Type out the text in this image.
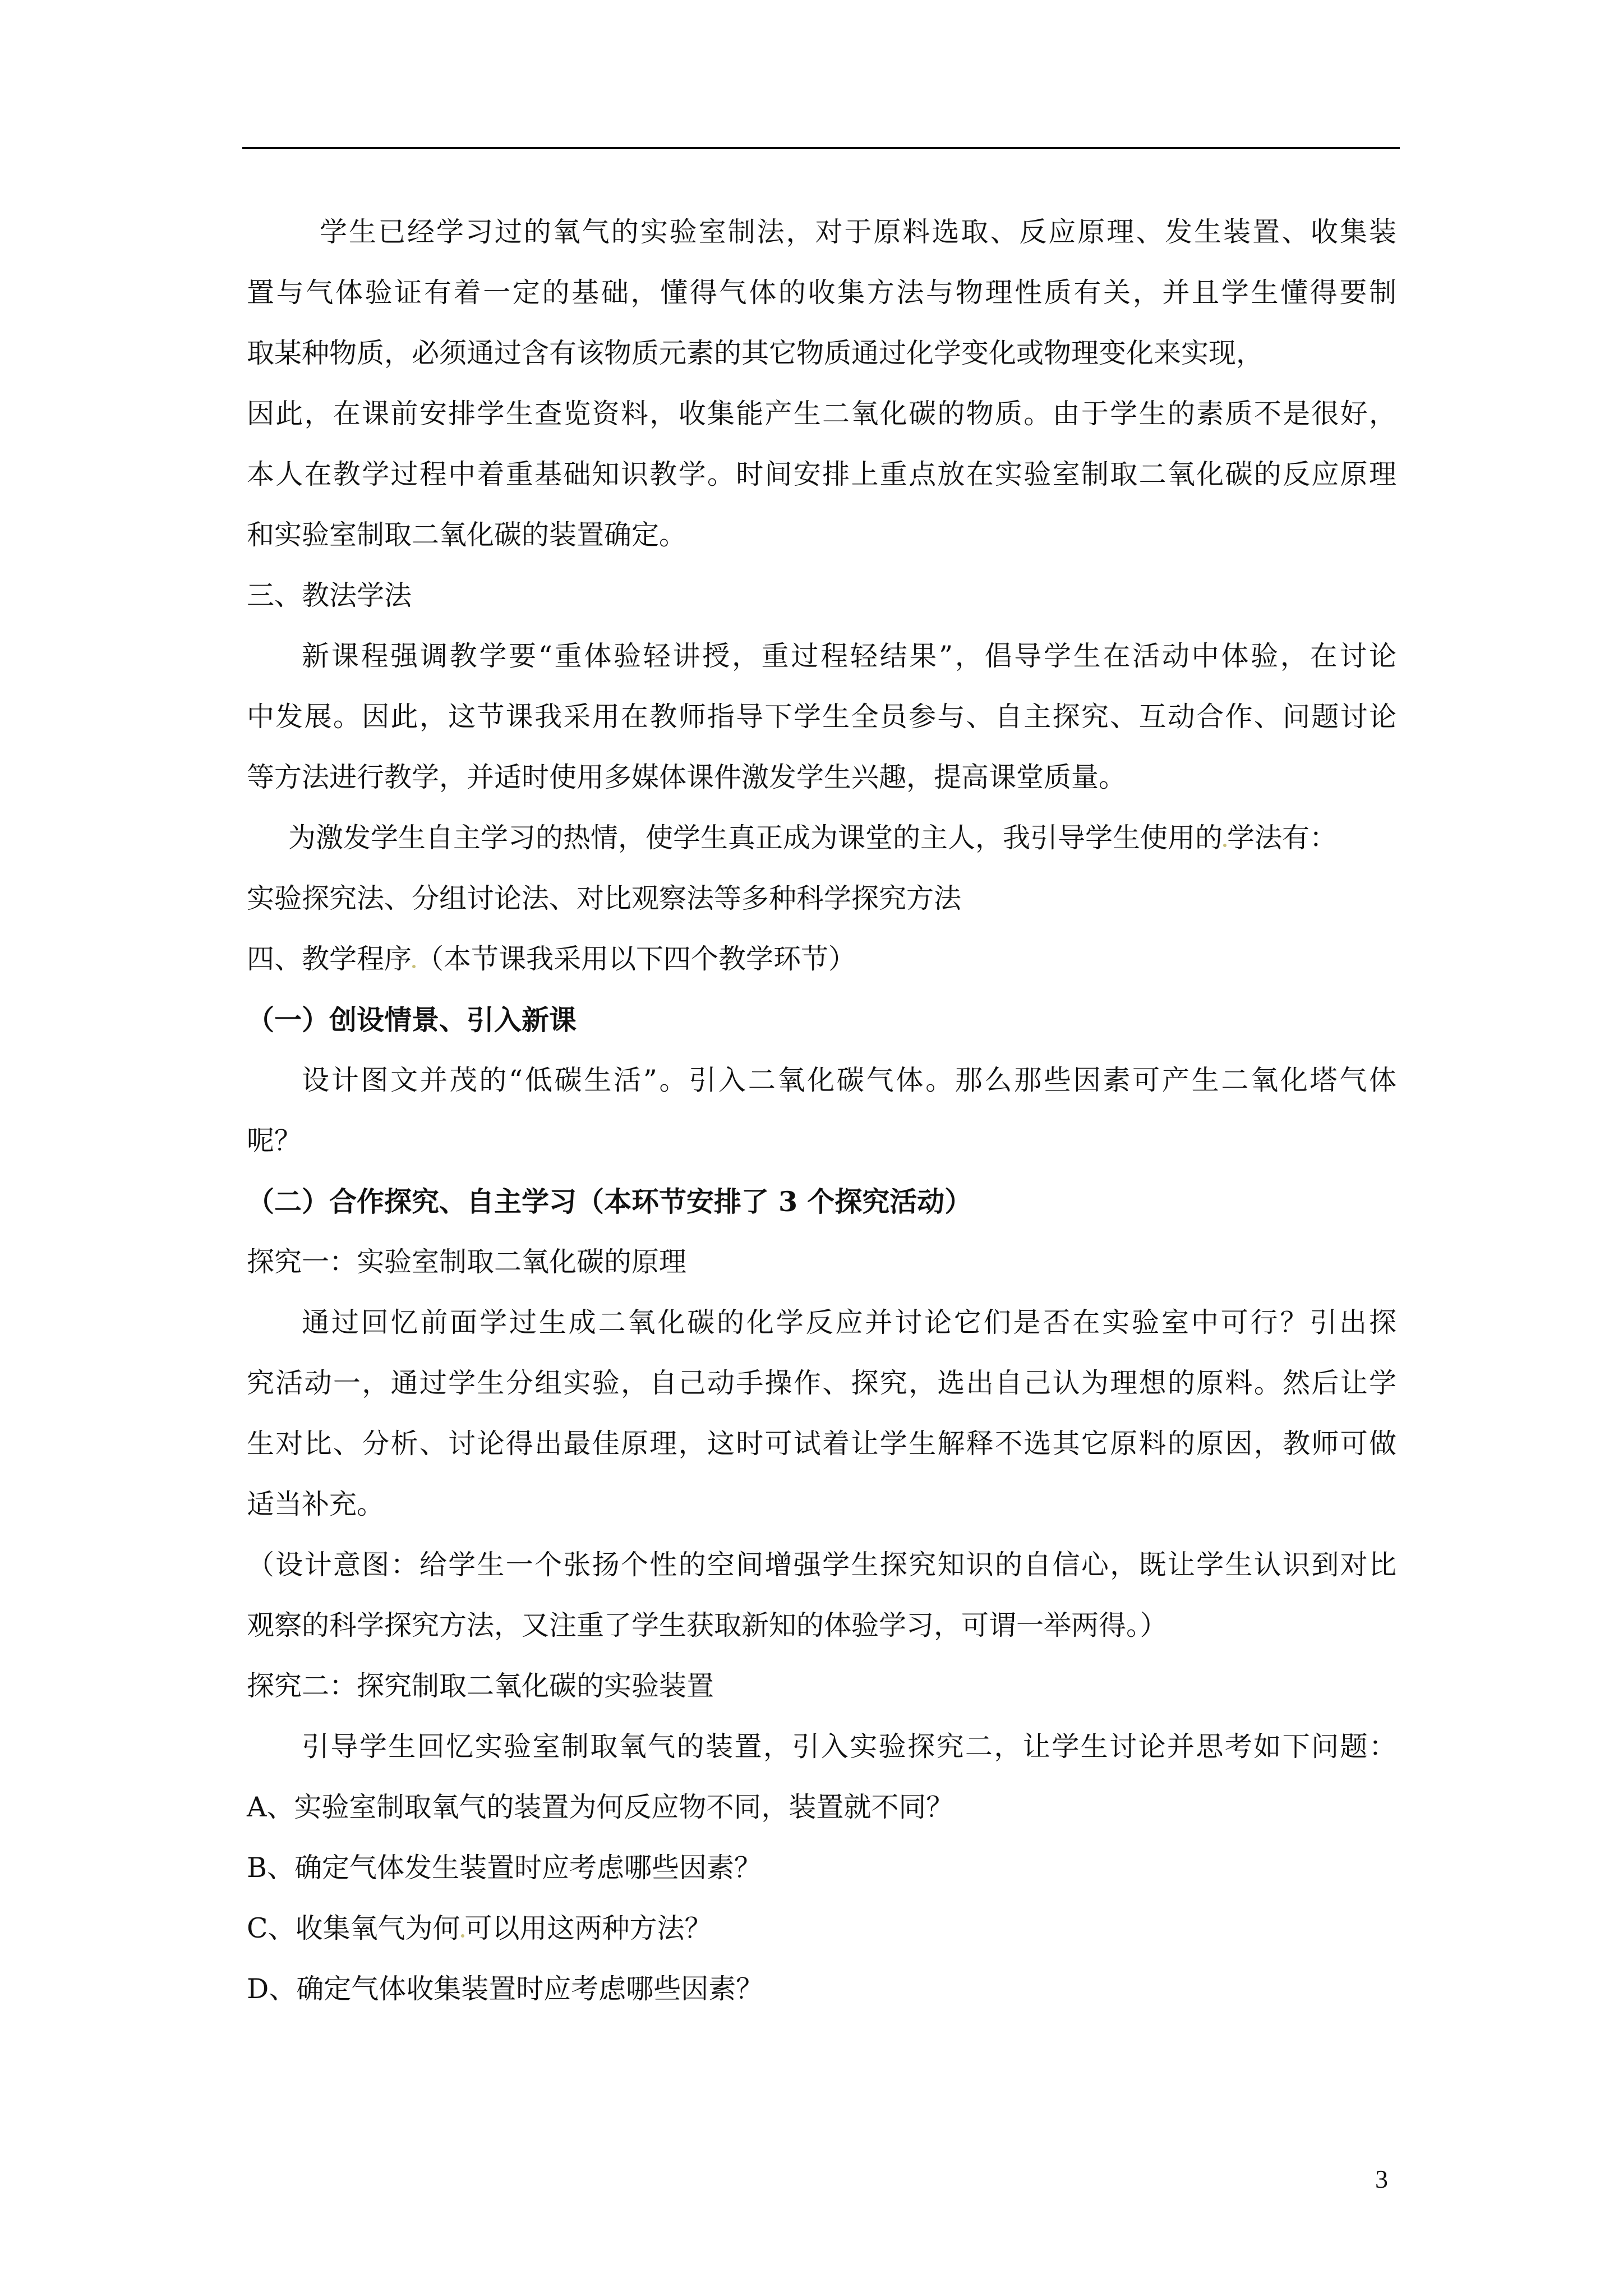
学生已经学习过的氧气的实验室制法，对于原料选取、反应原理、发生装置、收集装
置与气体验证有着一定的基础，懂得气体的收集方法与物理性质有关，并且学生懂得要制
取某种物质，必须通过含有该物质元素的其它物质通过化学变化或物理变化来实现，
因此，在课前安排学生查览资料，收集能产生二氧化碳的物质。由于学生的素质不是很好，
本人在教学过程中着重基础知识教学。时间安排上重点放在实验室制取二氧化碳的反应原理
和实验室制取二氧化碳的装置确定。
三、教法学法
新课程强调教学要“重体验轻讲授，重过程轻结果”，倡导学生在活动中体验，在讨论
中发展。因此，这节课我采用在教师指导下学生全员参与、自主探究、互动合作、问题讨论
等方法进行教学，并适时使用多媒体课件激发学生兴趣，提高课堂质量。
为激发学生自主学习的热情，使学生真正成为课堂的主人，我引导学生使用的 学法有：
实验探究法、分组讨论法、对比观察法等多种科学探究方法
四、教学程序 （本节课我采用以下四个教学环节）
（一）创设情景、引入新课
设计图文并茂的“低碳生活”。引入二氧化碳气体。那么那些因素可产生二氧化塔气体
呢？
（二）合作探究、自主学习（本环节安排了 3 个探究活动）
探究一：实验室制取二氧化碳的原理
通过回忆前面学过生成二氧化碳的化学反应并讨论它们是否在实验室中可行？引出探
究活动一，通过学生分组实验，自己动手操作、探究，选出自己认为理想的原料。然后让学
生对比、分析、讨论得出最佳原理，这时可试着让学生解释不选其它原料的原因，教师可做
适当补充。
（设计意图：给学生一个张扬个性的空间增强学生探究知识的自信心，既让学生认识到对比
观察的科学探究方法，又注重了学生获取新知的体验学习，可谓一举两得。）
探究二：探究制取二氧化碳的实验装置
引导学生回忆实验室制取氧气的装置，引入实验探究二，让学生讨论并思考如下问题：
A、实验室制取氧气的装置为何反应物不同，装置就不同？
B、确定气体发生装置时应考虑哪些因素？
C、收集氧气为何 可以用这两种方法？
D、确定气体收集装置时应考虑哪些因素？
3
